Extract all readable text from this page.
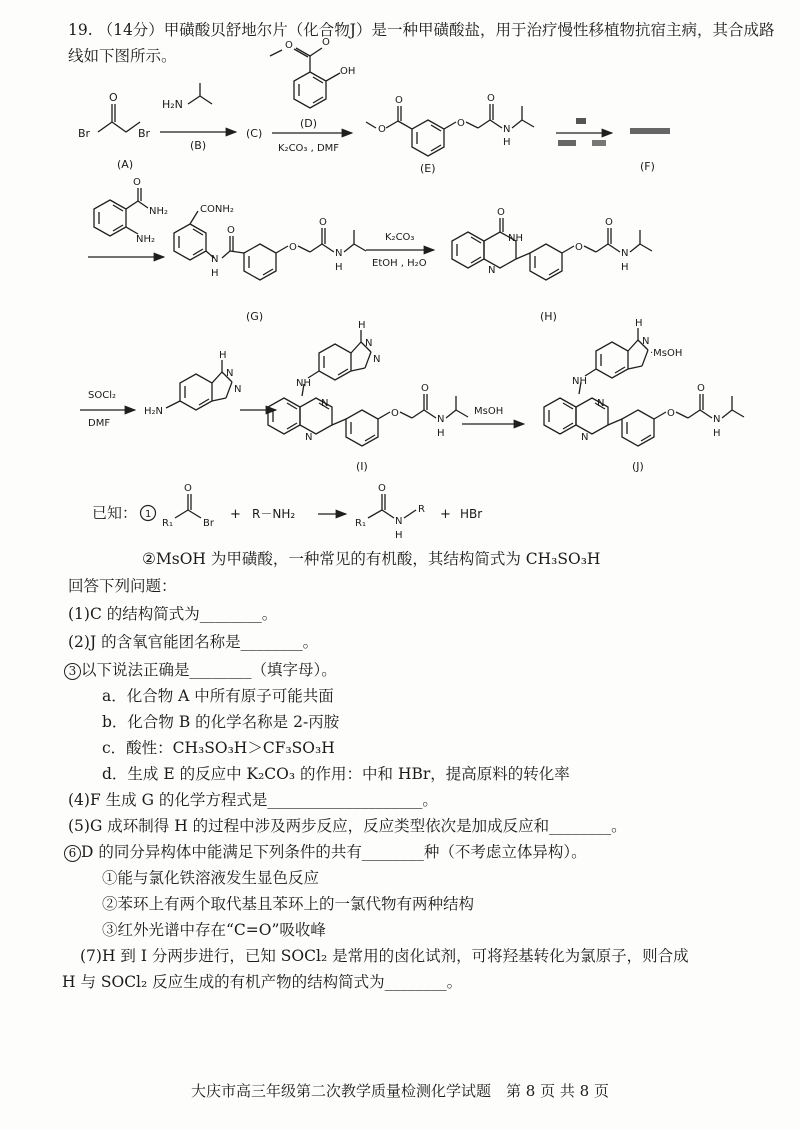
19. （14分）甲磺酸贝舒地尔片（化合物J）是一种甲磺酸盐，用于治疗慢性移植物抗宿主病，其合成路
线如下图所示。
Br
O
Br
(A)
H₂N
(B)
(C)
O
O
OH
(D)
K₂CO₃ , DMF
O
O
O
O
N
H
(E)	(F)
O
NH₂
NH₂
CONH₂
N
H
O
O
O
N
H
(G)
K₂CO₃
EtOH , H₂O
O
NH
N
O
O
N
H
(H)
SOCl₂
DMF
H
N
N
H₂N
H
N
N
NH
N
N
O
O
N
H
(I)
MsOH
H
N
·MsOH
NH
N
N
O
O
N
H
(J)
已知： 1
R₁
O
Br
+ R－NH₂
R₁
O
N
H
R + HBr
②MsOH 为甲磺酸，一种常见的有机酸，其结构简式为 CH₃SO₃H
回答下列问题：
(1)C 的结构简式为________。
(2)J 的含氧官能团名称是________。
3 以下说法正确是________（填字母）。
a．化合物 A 中所有原子可能共面
b．化合物 B 的化学名称是 2-丙胺
c．酸性：CH₃SO₃H＞CF₃SO₃H
d．生成 E 的反应中 K₂CO₃ 的作用：中和 HBr，提高原料的转化率
(4)F 生成 G 的化学方程式是____________________。
(5)G 成环制得 H 的过程中涉及两步反应，反应类型依次是加成反应和________。
6 D 的同分异构体中能满足下列条件的共有________种（不考虑立体异构）。
①能与氯化铁溶液发生显色反应
②苯环上有两个取代基且苯环上的一氯代物有两种结构
③红外光谱中存在“C=O”吸收峰
(7)H 到 I 分两步进行，已知 SOCl₂ 是常用的卤化试剂，可将羟基转化为氯原子，则合成
H 与 SOCl₂ 反应生成的有机产物的结构简式为________。
大庆市高三年级第二次教学质量检测化学试题　第 8 页 共 8 页
